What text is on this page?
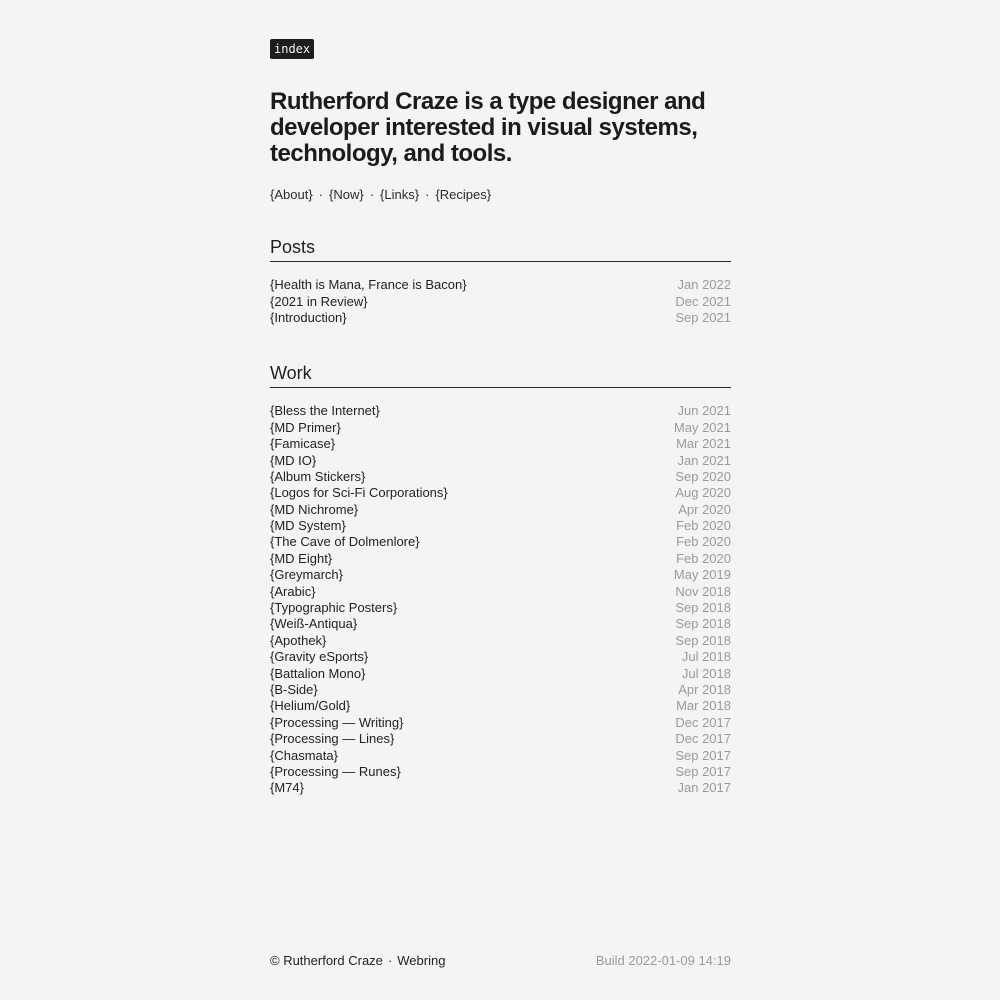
index
Rutherford Craze is a type designer and developer interested in visual systems, technology, and tools.
{About} · {Now} · {Links} · {Recipes}
Posts
{Health is Mana, France is Bacon}	Jan 2022
{2021 in Review}	Dec 2021
{Introduction}	Sep 2021
Work
{Bless the Internet}	Jun 2021
{MD Primer}	May 2021
{Famicase}	Mar 2021
{MD IO}	Jan 2021
{Album Stickers}	Sep 2020
{Logos for Sci-Fi Corporations}	Aug 2020
{MD Nichrome}	Apr 2020
{MD System}	Feb 2020
{The Cave of Dolmenlore}	Feb 2020
{MD Eight}	Feb 2020
{Greymarch}	May 2019
{Arabic}	Nov 2018
{Typographic Posters}	Sep 2018
{Weiß-Antiqua}	Sep 2018
{Apothek}	Sep 2018
{Gravity eSports}	Jul 2018
{Battalion Mono}	Jul 2018
{B-Side}	Apr 2018
{Helium/Gold}	Mar 2018
{Processing — Writing}	Dec 2017
{Processing — Lines}	Dec 2017
{Chasmata}	Sep 2017
{Processing — Runes}	Sep 2017
{M74}	Jan 2017
© Rutherford Craze · Webring	Build 2022-01-09 14:19
